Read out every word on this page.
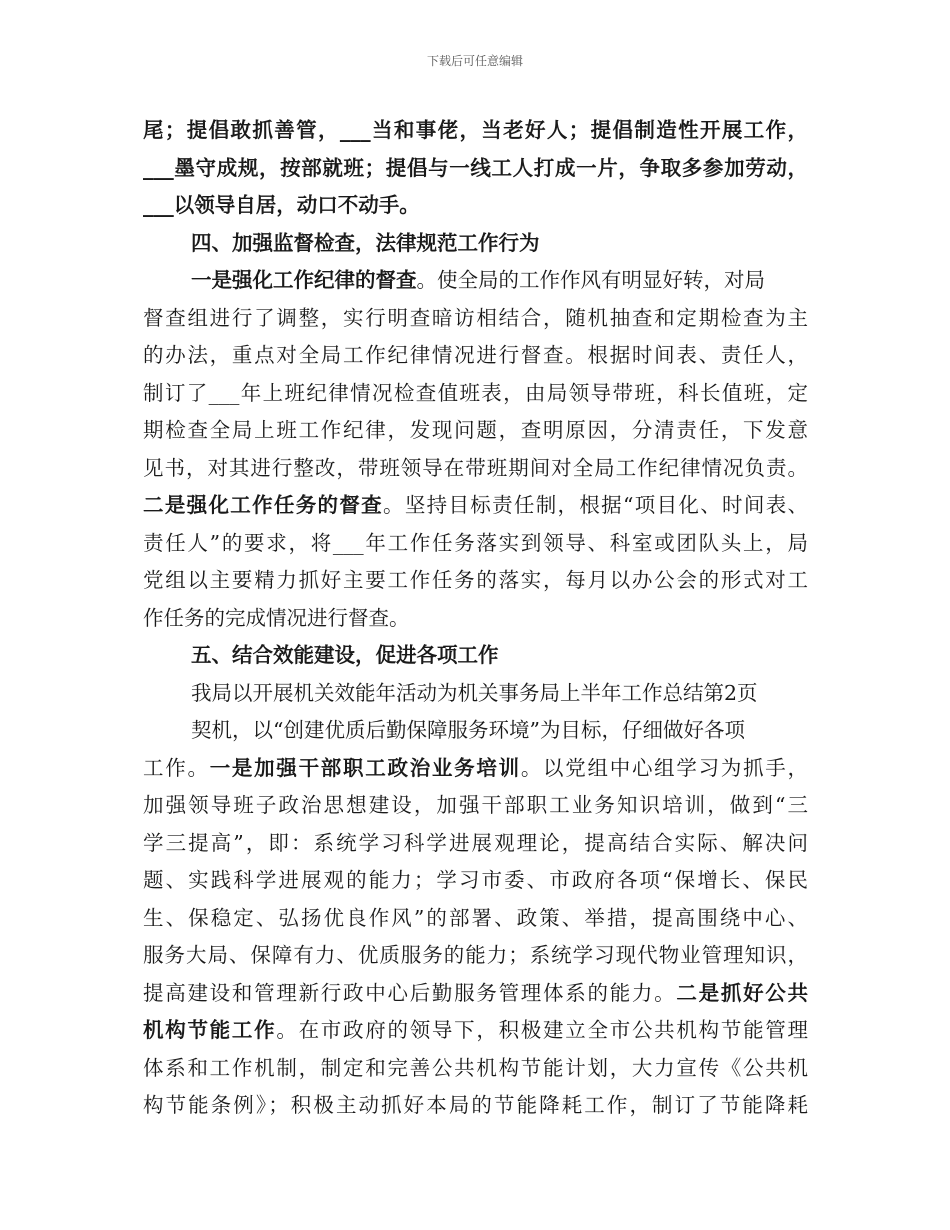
下载后可任意编辑
尾；提倡敢抓善管，___当和事佬，当老好人；提倡制造性开展工作，
___墨守成规，按部就班；提倡与一线工人打成一片，争取多参加劳动，
___以领导自居，动口不动手。
四、加强监督检查，法律规范工作行为
一是强化工作纪律的督查。使全局的工作作风有明显好转，对局
督查组进行了调整，实行明查暗访相结合，随机抽查和定期检查为主
的办法，重点对全局工作纪律情况进行督查。根据时间表、责任人，
制订了___年上班纪律情况检查值班表，由局领导带班，科长值班，定
期检查全局上班工作纪律，发现问题，查明原因，分清责任，下发意
见书，对其进行整改，带班领导在带班期间对全局工作纪律情况负责。
二是强化工作任务的督查。坚持目标责任制，根据“项目化、时间表、
责任人”的要求，将___年工作任务落实到领导、科室或团队头上，局
党组以主要精力抓好主要工作任务的落实，每月以办公会的形式对工
作任务的完成情况进行督查。
五、结合效能建设，促进各项工作
我局以开展机关效能年活动为机关事务局上半年工作总结第2页
契机，以“创建优质后勤保障服务环境”为目标，仔细做好各项
工作。一是加强干部职工政治业务培训。以党组中心组学习为抓手，
加强领导班子政治思想建设，加强干部职工业务知识培训，做到“三
学三提高”，即：系统学习科学进展观理论，提高结合实际、解决问
题、实践科学进展观的能力；学习市委、市政府各项“保增长、保民
生、保稳定、弘扬优良作风”的部署、政策、举措，提高围绕中心、
服务大局、保障有力、优质服务的能力；系统学习现代物业管理知识，
提高建设和管理新行政中心后勤服务管理体系的能力。二是抓好公共
机构节能工作。在市政府的领导下，积极建立全市公共机构节能管理
体系和工作机制，制定和完善公共机构节能计划，大力宣传《公共机
构节能条例》；积极主动抓好本局的节能降耗工作，制订了节能降耗
